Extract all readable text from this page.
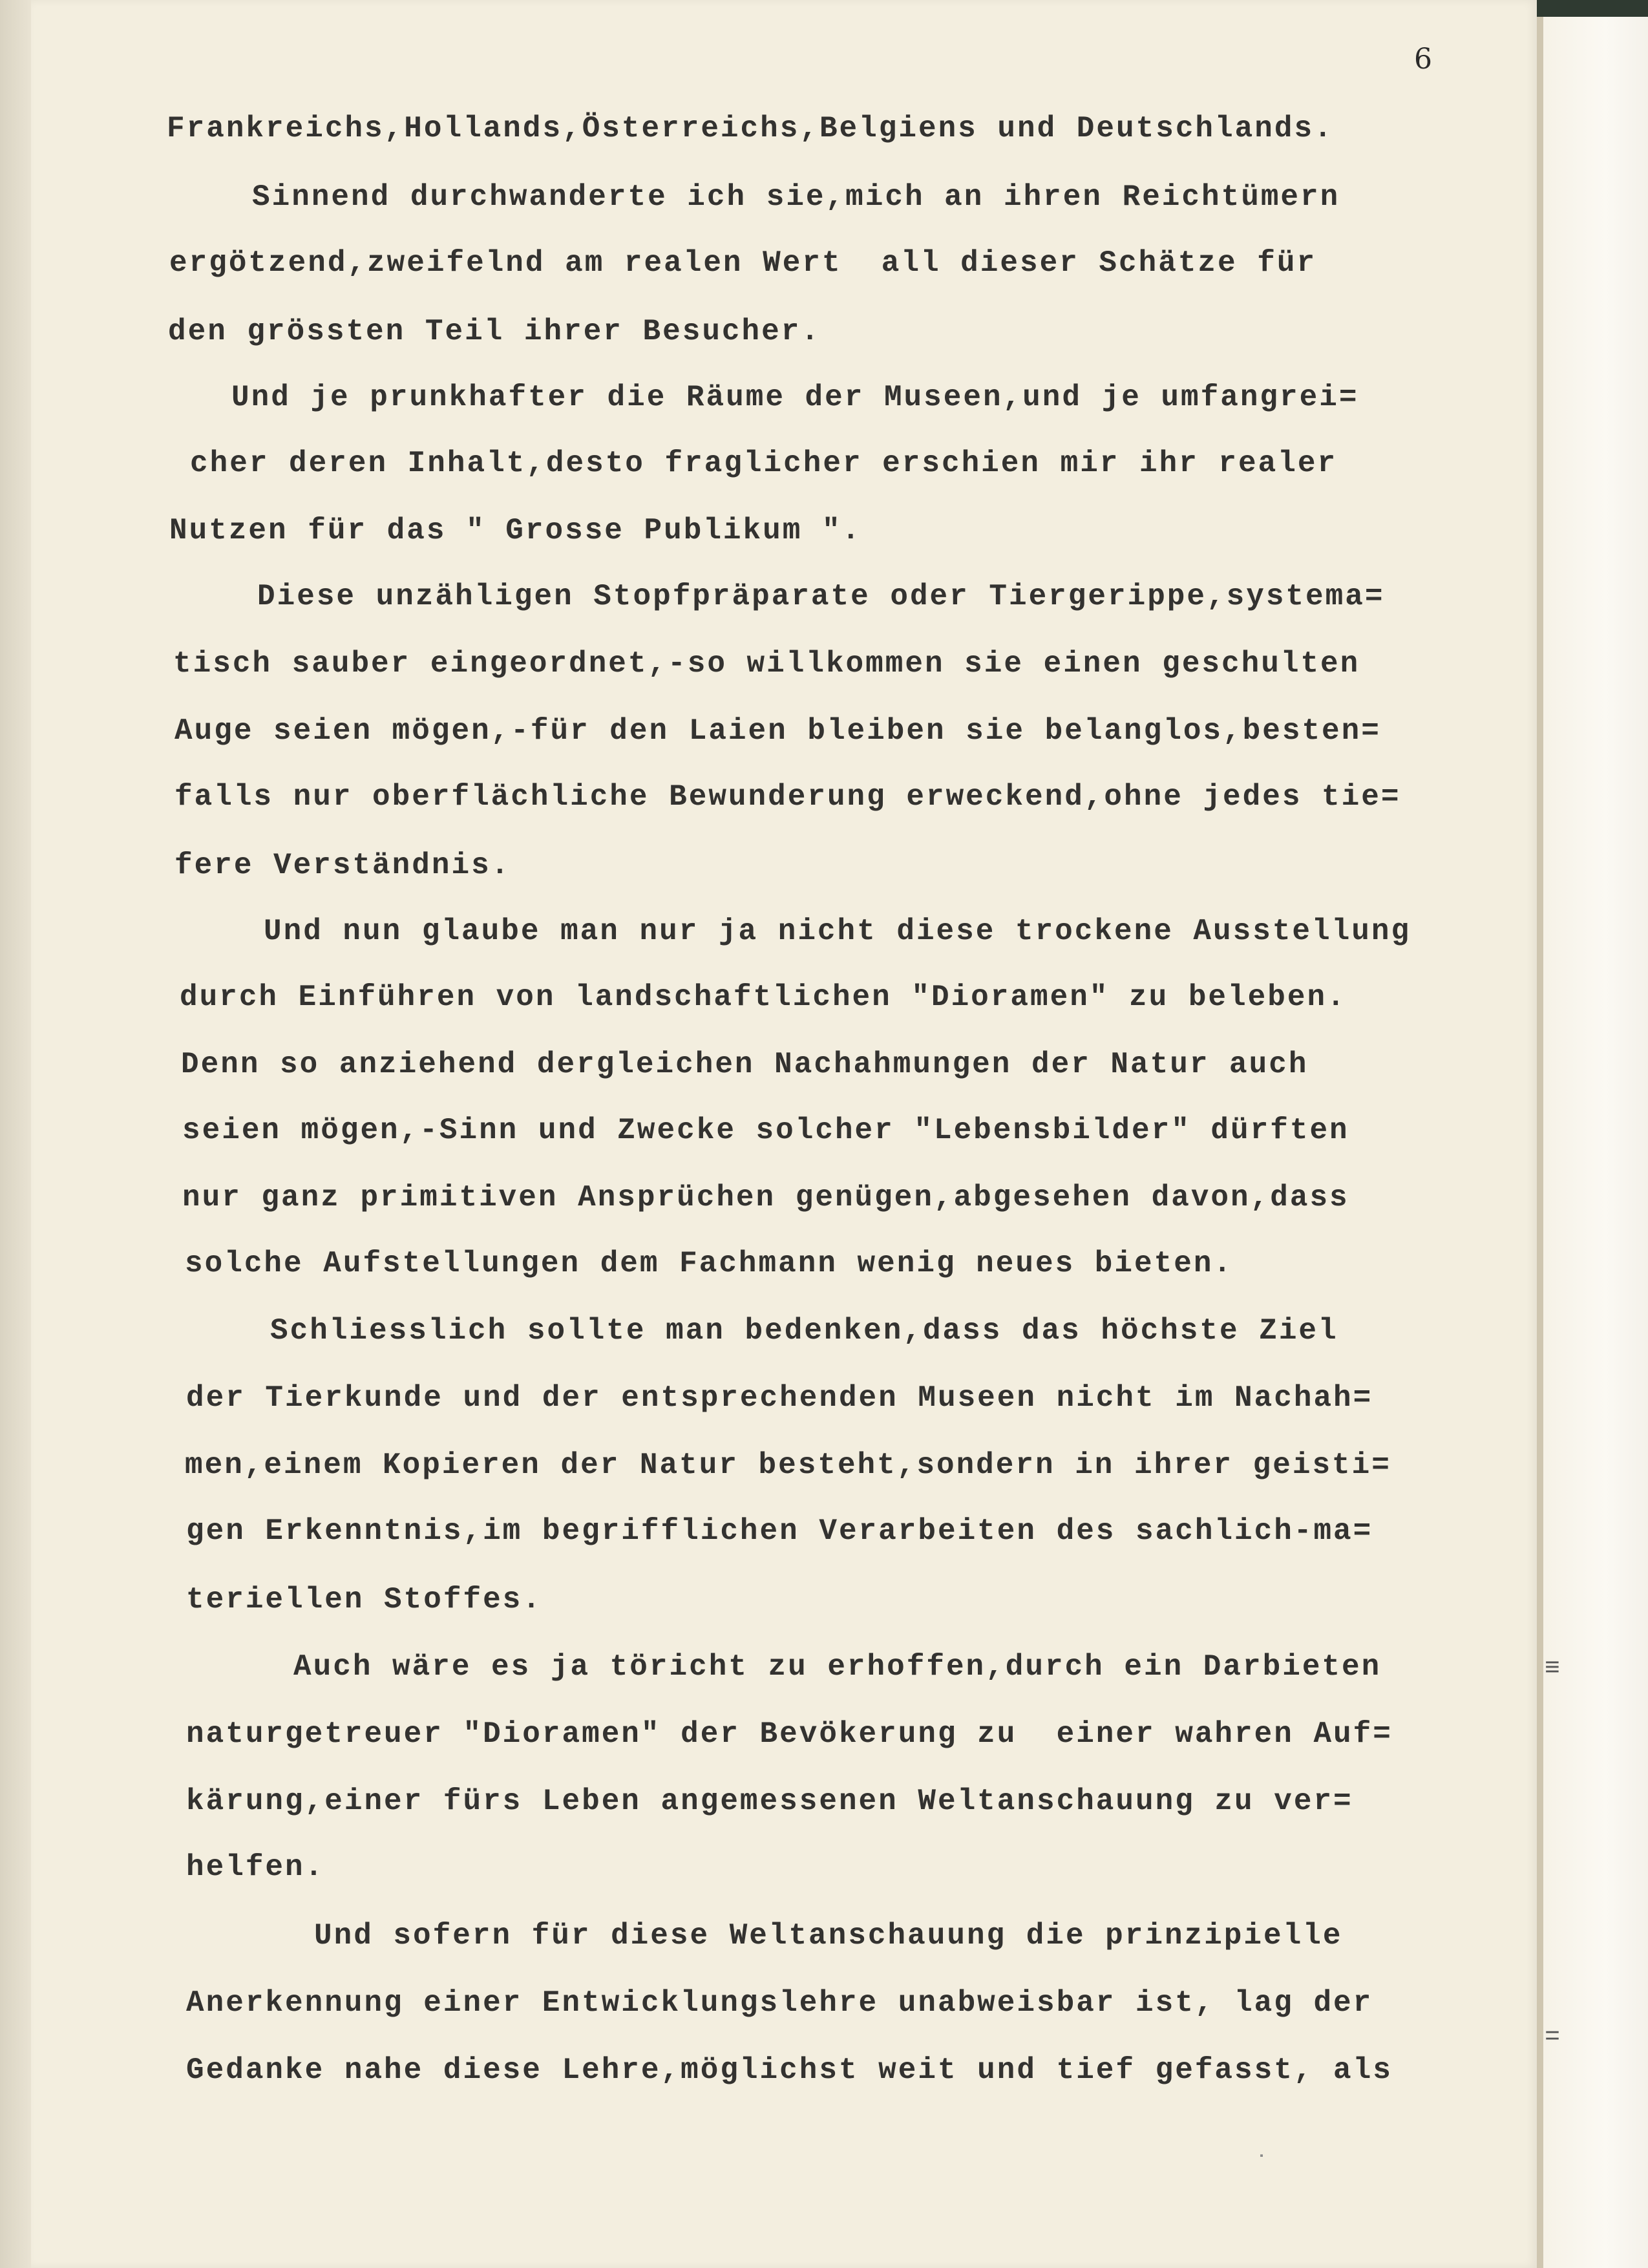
6
Frankreichs,Hollands,Österreichs,Belgiens und Deutschlands.
Sinnend durchwanderte ich sie,mich an ihren Reichtümern
ergötzend,zweifelnd am realen Wert  all dieser Schätze für
den grössten Teil ihrer Besucher.
Und je prunkhafter die Räume der Museen,und je umfangrei=
cher deren Inhalt,desto fraglicher erschien mir ihr realer
Nutzen für das " Grosse Publikum ".
Diese unzähligen Stopfpräparate oder Tiergerippe,systema=
tisch sauber eingeordnet,-so willkommen sie einen geschulten
Auge seien mögen,-für den Laien bleiben sie belanglos,besten=
falls nur oberflächliche Bewunderung erweckend,ohne jedes tie=
fere Verständnis.
Und nun glaube man nur ja nicht diese trockene Ausstellung
durch Einführen von landschaftlichen "Dioramen" zu beleben.
Denn so anziehend dergleichen Nachahmungen der Natur auch
seien mögen,-Sinn und Zwecke solcher "Lebensbilder" dürften
nur ganz primitiven Ansprüchen genügen,abgesehen davon,dass
solche Aufstellungen dem Fachmann wenig neues bieten.
Schliesslich sollte man bedenken,dass das höchste Ziel
der Tierkunde und der entsprechenden Museen nicht im Nachah=
men,einem Kopieren der Natur besteht,sondern in ihrer geisti=
gen Erkenntnis,im begrifflichen Verarbeiten des sachlich-ma=
teriellen Stoffes.
Auch wäre es ja töricht zu erhoffen,durch ein Darbieten
naturgetreuer "Dioramen" der Bevökerung zu  einer wahren Auf=
kärung,einer fürs Leben angemessenen Weltanschauung zu ver=
helfen.
Und sofern für diese Weltanschauung die prinzipielle
Anerkennung einer Entwicklungslehre unabweisbar ist, lag der
Gedanke nahe diese Lehre,möglichst weit und tief gefasst, als
≡
=
˙
